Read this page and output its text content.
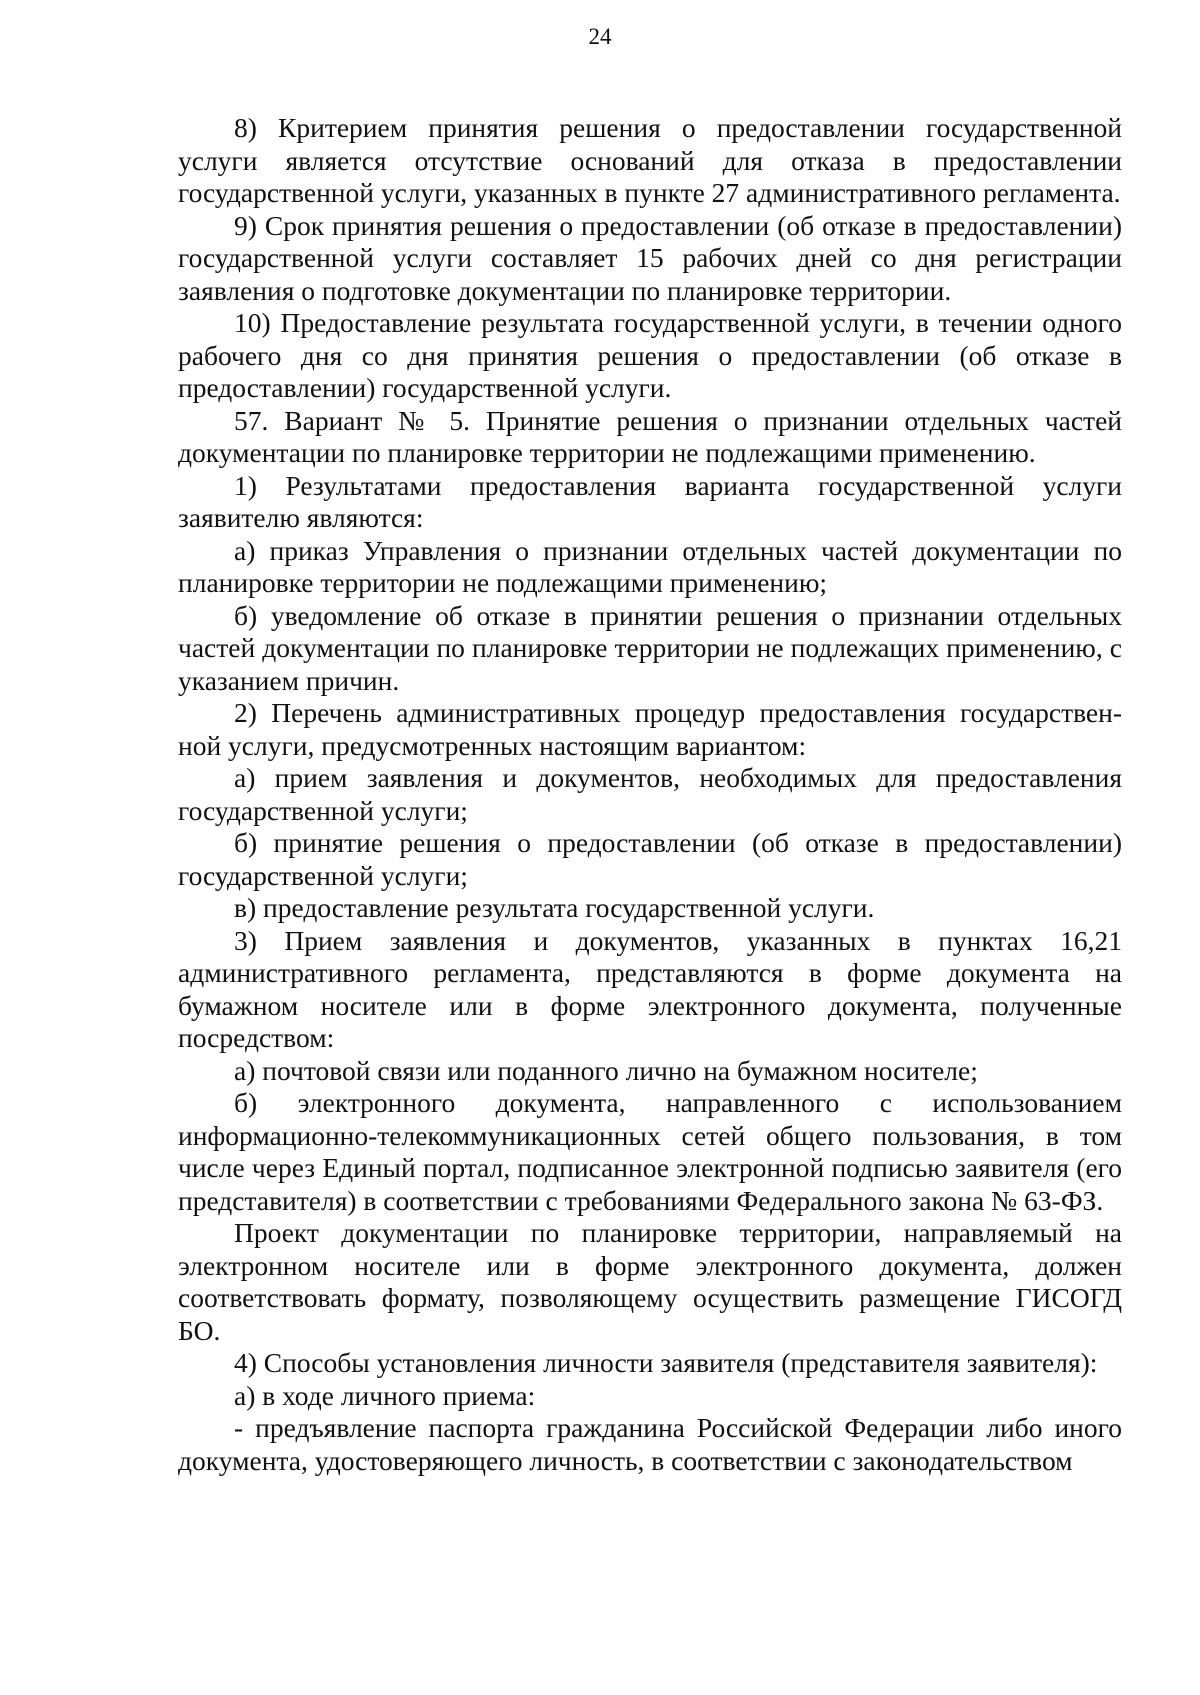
24

8) Критерием принятия решения о предоставлении государственной услуги является отсутствие оснований для отказа в предоставлении государственной услуги, указанных в пункте 27 административного регламента.

9) Срок принятия решения о предоставлении (об отказе в предоставлении) государственной услуги составляет 15 рабочих дней со дня регистрации заявления о подготовке документации по планировке территории.

10) Предоставление результата государственной услуги, в течении одного рабочего дня со дня принятия решения о предоставлении (об отказе в предоставлении) государственной услуги.

57. Вариант № 5. Принятие решения о признании отдельных частей документации по планировке территории не подлежащими применению.

1) Результатами предоставления варианта государственной услуги заявителю являются:

а) приказ Управления о признании отдельных частей документации по планировке территории не подлежащими применению;

б) уведомление об отказе в принятии решения о признании отдельных частей документации по планировке территории не подлежащих применению, с указанием причин.

2) Перечень административных процедур предоставления государствен-ной услуги, предусмотренных настоящим вариантом:

а) прием заявления и документов, необходимых для предоставления государственной услуги;

б) принятие решения о предоставлении (об отказе в предоставлении) государственной услуги;

в) предоставление результата государственной услуги.

3) Прием заявления и документов, указанных в пунктах 16,21 административного регламента, представляются в форме документа на бумажном носителе или в форме электронного документа, полученные посредством:

а) почтовой связи или поданного лично на бумажном носителе;

б) электронного документа, направленного с использованием информационно-телекоммуникационных сетей общего пользования, в том числе через Единый портал, подписанное электронной подписью заявителя (его представителя) в соответствии с требованиями Федерального закона № 63-ФЗ.

Проект документации по планировке территории, направляемый на электронном носителе или в форме электронного документа, должен соответствовать формату, позволяющему осуществить размещение ГИСОГД БО.

4) Способы установления личности заявителя (представителя заявителя):

а) в ходе личного приема:

- предъявление паспорта гражданина Российской Федерации либо иного документа, удостоверяющего личность, в соответствии с законодательством
